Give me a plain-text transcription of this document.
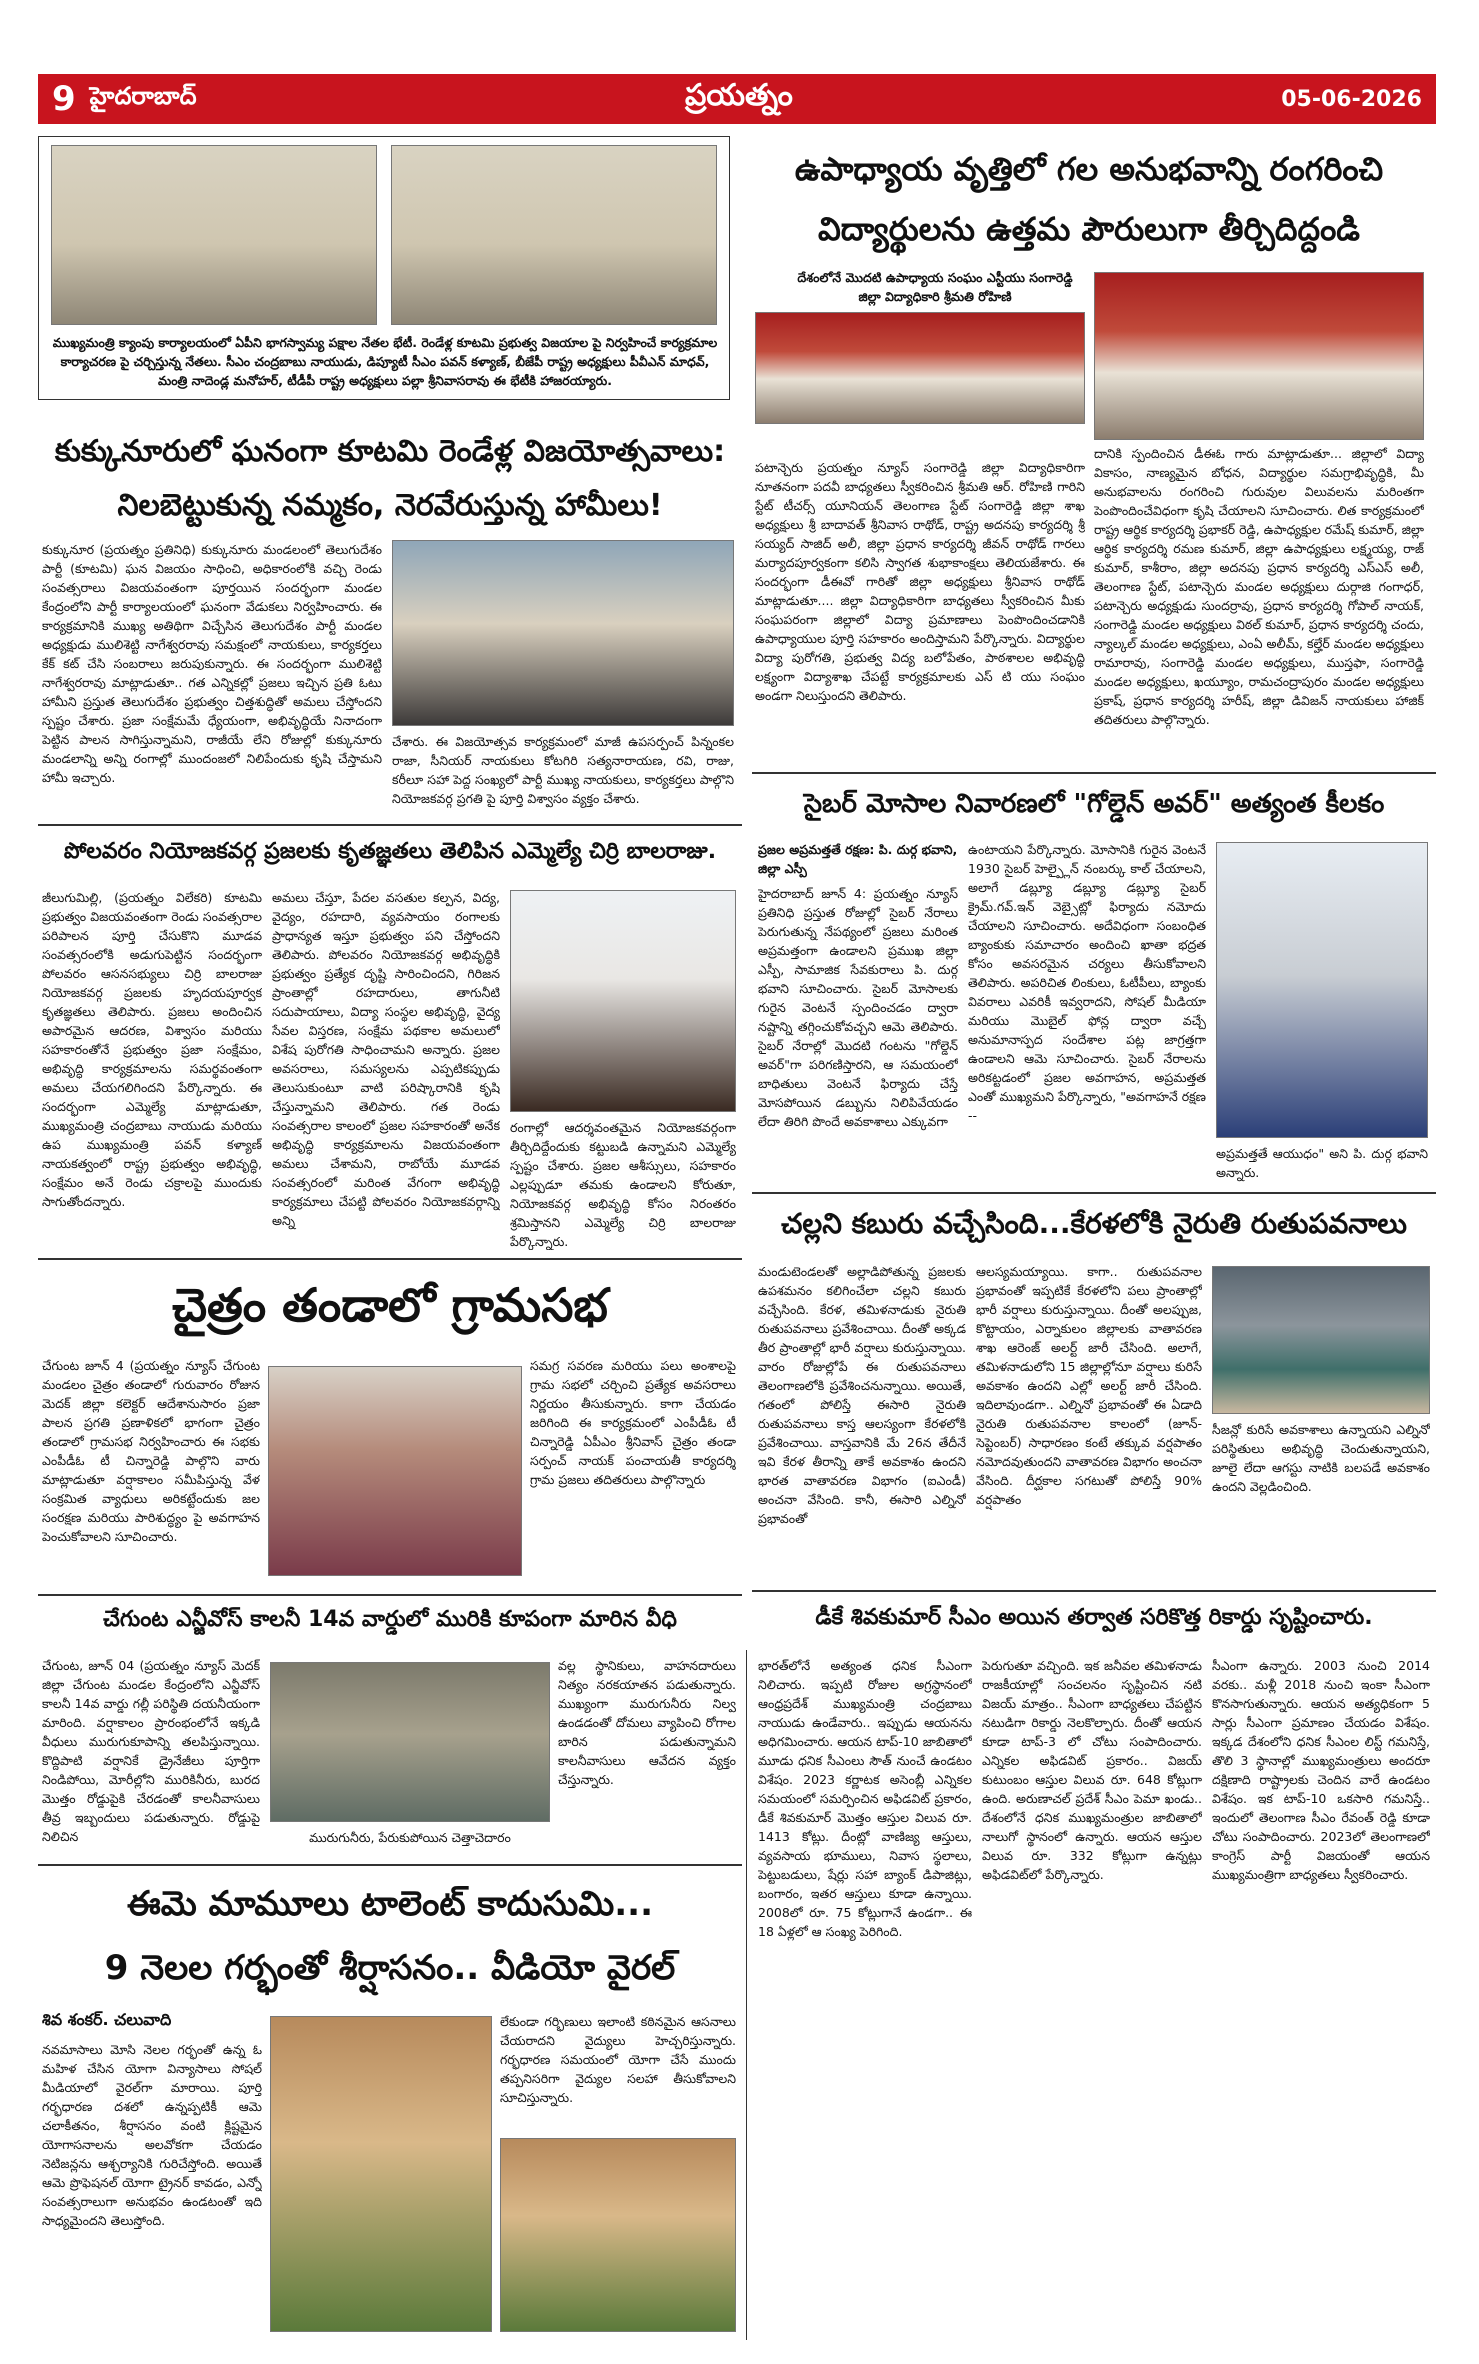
9 హైదరాబాద్	ప్రయత్నం	05-06-2026
ముఖ్యమంత్రి క్యాంపు కార్యాలయంలో ఏపీని భాగస్వామ్య పక్షాల నేతల భేటీ. రెండేళ్ల కూటమి ప్రభుత్వ విజయాల పై నిర్వహించే కార్యక్రమాల కార్యాచరణ పై చర్చిస్తున్న నేతలు. సీఎం చంద్రబాబు నాయుడు, డిప్యూటీ సీఎం పవన్ కళ్యాణ్, బీజేపీ రాష్ట్ర అధ్యక్షులు పీవీఎన్ మాధవ్, మంత్రి నాదెండ్ల మనోహర్, టీడీపీ రాష్ట్ర అధ్యక్షులు పల్లా శ్రీనివాసరావు ఈ భేటీకి హాజరయ్యారు.
ఉపాధ్యాయ వృత్తిలో గల అనుభవాన్ని రంగరించి
విద్యార్థులను ఉత్తమ పౌరులుగా తీర్చిదిద్దండి
దేశంలోనే మొదటి ఉపాధ్యాయ సంఘం ఎస్టీయు సంగారెడ్డి జిల్లా విద్యాధికారి శ్రీమతి రోహిణి
పటాన్చెరు ప్రయత్నం న్యూస్ సంగారెడ్డి జిల్లా విద్యాధికారిగా నూతనంగా పదవీ బాధ్యతలు స్వీకరించిన శ్రీమతి ఆర్. రోహిణి గారిని స్టేట్ టీచర్స్ యూనియన్ తెలంగాణ స్టేట్ సంగారెడ్డి జిల్లా శాఖ అధ్యక్షులు శ్రీ బాదావత్ శ్రీనివాస రాథోడ్, రాష్ట్ర అదనపు కార్యదర్శి శ్రీ సయ్యద్ సాజిద్ అలీ, జిల్లా ప్రధాన కార్యదర్శి జీవన్ రాథోడ్ గారలు మర్యాదపూర్వకంగా కలిసి స్వాగత శుభాకాంక్షలు తెలియజేశారు. ఈ సందర్భంగా డీఈవో గారితో జిల్లా అధ్యక్షులు శ్రీనివాస రాథోడ్ మాట్లాడుతూ.... జిల్లా విద్యాధికారిగా బాధ్యతలు స్వీకరించిన మీకు సంఘపరంగా జిల్లాలో విద్యా ప్రమాణాలు పెంపొందించడానికి ఉపాధ్యాయుల పూర్తి సహకారం అందిస్తామని పేర్కొన్నారు. విద్యార్థుల విద్యా పురోగతి, ప్రభుత్వ విద్య బలోపేతం, పాఠశాలల అభివృద్ధి లక్ష్యంగా విద్యాశాఖ చేపట్టే కార్యక్రమాలకు ఎస్ టి యు సంఘం అండగా నిలుస్తుందని తెలిపారు.
దానికి స్పందించిన డీఈఓ గారు మాట్లాడుతూ... జిల్లాలో విద్యా వికాసం, నాణ్యమైన బోధన, విద్యార్థుల సమగ్రాభివృద్ధికి, మీ అనుభవాలను రంగరించి గురువుల విలువలను మరింతగా పెంపొందించేవిధంగా కృషి చేయాలని సూచించారు. లిత కార్యక్రమంలో రాష్ట్ర ఆర్థిక కార్యదర్శి ప్రభాకర్ రెడ్డి, ఉపాధ్యక్షుల రమేష్ కుమార్, జిల్లా ఆర్థిక కార్యదర్శి రమణ కుమార్, జిల్లా ఉపాధ్యక్షులు లక్ష్మయ్య, రాజ్ కుమార్, కాశీరాం, జిల్లా అదనపు ప్రధాన కార్యదర్శి ఎస్ఎస్ అలీ, తెలంగాణ స్టేట్, పటాన్చెరు మండల అధ్యక్షులు దుర్గాజి గంగాధర్, పటాన్చెరు అధ్యక్షుడు సుందర్రావు, ప్రధాన కార్యదర్శి గోపాల్ నాయక్, సంగారెడ్డి మండల అధ్యక్షులు విఠల్ కుమార్, ప్రధాన కార్యదర్శి చందు, న్యాల్కల్ మండల అధ్యక్షులు, ఎంఏ అలీమ్, కల్హేర్ మండల అధ్యక్షులు రామారావు, సంగారెడ్డి మండల అధ్యక్షులు, ముస్తఫా, సంగారెడ్డి మండల అధ్యక్షులు, ఖయ్యూం, రామచంద్రాపురం మండల అధ్యక్షులు ప్రకాష్, ప్రధాన కార్యదర్శి హరీష్, జిల్లా డివిజన్ నాయకులు హాజిక్ తదితరులు పాల్గొన్నారు.
కుక్కునూరులో ఘనంగా కూటమి రెండేళ్ల విజయోత్సవాలు:
నిలబెట్టుకున్న నమ్మకం, నెరవేరుస్తున్న హామీలు!
కుక్కునూర (ప్రయత్నం ప్రతినిధి) కుక్కునూరు మండలంలో తెలుగుదేశం పార్టీ (కూటమి) ఘన విజయం సాధించి, అధికారంలోకి వచ్చి రెండు సంవత్సరాలు విజయవంతంగా పూర్తయిన సందర్భంగా మండల కేంద్రంలోని పార్టీ కార్యాలయంలో ఘనంగా వేడుకలు నిర్వహించారు. ఈ కార్యక్రమానికి ముఖ్య అతిథిగా విచ్చేసిన తెలుగుదేశం పార్టీ మండల అధ్యక్షుడు ములిశెట్టి నాగేశ్వరరావు సమక్షంలో నాయకులు, కార్యకర్తలు కేక్ కట్ చేసి సంబరాలు జరుపుకున్నారు. ఈ సందర్భంగా ములిశెట్టి నాగేశ్వరరావు మాట్లాడుతూ.. గత ఎన్నికల్లో ప్రజలు ఇచ్చిన ప్రతి ఓటు హామీని ప్రస్తుత తెలుగుదేశం ప్రభుత్వం చిత్తశుద్ధితో అమలు చేస్తోందని స్పష్టం చేశారు. ప్రజా సంక్షేమమే ధ్యేయంగా, అభివృద్ధియే నినాదంగా పెట్టిన పాలన సాగిస్తున్నామని, రాజీయే లేని రోజుల్లో కుక్కునూరు మండలాన్ని అన్ని రంగాల్లో ముందంజలో నిలిపేందుకు కృషి చేస్తామని హామీ ఇచ్చారు.
చేశారు. ఈ విజయోత్సవ కార్యక్రమంలో మాజీ ఉపసర్పంచ్ పిన్నంకల రాజా, సీనియర్ నాయకులు కోటగిరి సత్యనారాయణ, రవి, రాజు, కరీలూ సహా పెద్ద సంఖ్యలో పార్టీ ముఖ్య నాయకులు, కార్యకర్తలు పాల్గొని నియోజకవర్గ ప్రగతి పై పూర్తి విశ్వాసం వ్యక్తం చేశారు.
పోలవరం నియోజకవర్గ ప్రజలకు కృతజ్ఞతలు తెలిపిన ఎమ్మెల్యే చిర్రి బాలరాజు.
జీలుగుమిల్లి, (ప్రయత్నం విలేకరి) కూటమి ప్రభుత్వం విజయవంతంగా రెండు సంవత్సరాల పరిపాలన పూర్తి చేసుకొని మూడవ సంవత్సరంలోకి అడుగుపెట్టిన సందర్భంగా పోలవరం ఆసనసభ్యులు చిర్రి బాలరాజు నియోజకవర్గ ప్రజలకు హృదయపూర్వక కృతజ్ఞతలు తెలిపారు. ప్రజలు అందించిన అపారమైన ఆదరణ, విశ్వాసం మరియు సహకారంతోనే ప్రభుత్వం ప్రజా సంక్షేమం, అభివృద్ధి కార్యక్రమాలను సమర్థవంతంగా అమలు చేయగలిగిందని పేర్కొన్నారు. ఈ సందర్భంగా ఎమ్మెల్యే మాట్లాడుతూ, ముఖ్యమంత్రి చంద్రబాబు నాయుడు మరియు ఉప ముఖ్యమంత్రి పవన్ కళ్యాణ్ నాయకత్వంలో రాష్ట్ర ప్రభుత్వం అభివృద్ధి, సంక్షేమం అనే రెండు చక్రాలపై ముందుకు సాగుతోందన్నారు.
అమలు చేస్తూ, పేదల వసతుల కల్పన, విద్య, వైద్యం, రహదారి, వ్యవసాయం రంగాలకు ప్రాధాన్యత ఇస్తూ ప్రభుత్వం పని చేస్తోందని తెలిపారు. పోలవరం నియోజకవర్గ అభివృద్ధికి ప్రభుత్వం ప్రత్యేక దృష్టి సారించిందని, గిరిజన ప్రాంతాల్లో రహదారులు, తాగునీటి సదుపాయాలు, విద్యా సంస్థల అభివృద్ధి, వైద్య సేవల విస్తరణ, సంక్షేమ పథకాల అమలులో విశేష పురోగతి సాధించామని అన్నారు. ప్రజల అవసరాలు, సమస్యలను ఎప్పటికప్పుడు తెలుసుకుంటూ వాటి పరిష్కారానికి కృషి చేస్తున్నామని తెలిపారు. గత రెండు సంవత్సరాల కాలంలో ప్రజల సహకారంతో అనేక అభివృద్ధి కార్యక్రమాలను విజయవంతంగా అమలు చేశామని, రాబోయే మూడవ సంవత్సరంలో మరింత వేగంగా అభివృద్ధి కార్యక్రమాలు చేపట్టి పోలవరం నియోజకవర్గాన్ని అన్ని
రంగాల్లో ఆదర్శవంతమైన నియోజకవర్గంగా తీర్చిదిద్దేందుకు కట్టుబడి ఉన్నామని ఎమ్మెల్యే స్పష్టం చేశారు. ప్రజల ఆశీస్సులు, సహకారం ఎల్లప్పుడూ తమకు ఉండాలని కోరుతూ, నియోజకవర్గ అభివృద్ధి కోసం నిరంతరం శ్రమిస్తానని ఎమ్మెల్యే చిర్రి బాలరాజు పేర్కొన్నారు.
సైబర్ మోసాల నివారణలో "గోల్డెన్ అవర్" అత్యంత కీలకం
ప్రజల అప్రమత్తతే రక్షణ: పి. దుర్గ భవాని, జిల్లా ఎస్పీ
హైదరాబాద్ జూన్ 4: ప్రయత్నం న్యూస్ ప్రతినిధి ప్రస్తుత రోజుల్లో సైబర్ నేరాలు పెరుగుతున్న నేపథ్యంలో ప్రజలు మరింత అప్రమత్తంగా ఉండాలని ప్రముఖ జిల్లా ఎస్పీ, సామాజిక సేవకురాలు పి. దుర్గ భవాని సూచించారు. సైబర్ మోసాలకు గురైన వెంటనే స్పందించడం ద్వారా నష్టాన్ని తగ్గించుకోవచ్చని ఆమె తెలిపారు. సైబర్ నేరాల్లో మొదటి గంటను "గోల్డెన్ అవర్"గా పరిగణిస్తారని, ఆ సమయంలో బాధితులు వెంటనే ఫిర్యాదు చేస్తే మోసపోయిన డబ్బును నిలిపివేయడం లేదా తిరిగి పొందే అవకాశాలు ఎక్కువగా
ఉంటాయని పేర్కొన్నారు. మోసానికి గురైన వెంటనే 1930 సైబర్ హెల్ప్లైన్ నంబర్కు కాల్ చేయాలని, అలాగే డబ్ల్యూ డబ్ల్యూ డబ్ల్యూ సైబర్ క్రైమ్.గవ్.ఇన్ వెబ్సైట్లో ఫిర్యాదు నమోదు చేయాలని సూచించారు. అదేవిధంగా సంబంధిత బ్యాంకుకు సమాచారం అందించి ఖాతా భద్రత కోసం అవసరమైన చర్యలు తీసుకోవాలని తెలిపారు. అపరిచిత లింకులు, ఓటీపీలు, బ్యాంకు వివరాలు ఎవరికీ ఇవ్వరాదని, సోషల్ మీడియా మరియు మొబైల్ ఫోన్ల ద్వారా వచ్చే అనుమానాస్పద సందేశాల పట్ల జాగ్రత్తగా ఉండాలని ఆమె సూచించారు. సైబర్ నేరాలను అరికట్టడంలో ప్రజల అవగాహన, అప్రమత్తత ఎంతో ముఖ్యమని పేర్కొన్నారు, "అవగాహనే రక్షణ --
అప్రమత్తతే ఆయుధం" అని పి. దుర్గ భవాని అన్నారు.
చైత్రం తండాలో గ్రామసభ
చేగుంట జూన్ 4 (ప్రయత్నం న్యూస్ చేగుంట మండలం చైత్రం తండాలో గురువారం రోజున మెదక్ జిల్లా కలెక్టర్ ఆదేశానుసారం ప్రజా పాలన ప్రగతి ప్రణాళికలో భాగంగా చైత్రం తండాలో గ్రామసభ నిర్వహించారు ఈ సభకు ఎంపీడీఓ టీ చిన్నారెడ్డి పాల్గొని వారు మాట్లాడుతూ వర్షాకాలం సమీపిస్తున్న వేళ సంక్రమిత వ్యాధులు అరికట్టేందుకు జల సంరక్షణ మరియు పారిశుద్ధ్యం పై అవగాహన పెంచుకోవాలని సూచించారు.
సమగ్ర సవరణ మరియు పలు అంశాలపై గ్రామ సభలో చర్చించి ప్రత్యేక అవసరాలు నిర్ణయం తీసుకున్నారు. కాగా చేయడం జరిగింది ఈ కార్యక్రమంలో ఎంపీడీఓ టీ చిన్నారెడ్డి ఏపీఎం శ్రీనివాస్ చైత్రం తండా సర్పంచ్ నాయక్ పంచాయతీ కార్యదర్శి గ్రామ ప్రజలు తదితరులు పాల్గొన్నారు
చల్లని కబురు వచ్చేసింది...కేరళలోకి నైరుతి రుతుపవనాలు
మండుటెండలతో అల్లాడిపోతున్న ప్రజలకు ఉపశమనం కలిగించేలా చల్లని కబురు వచ్చేసింది. కేరళ, తమిళనాడుకు నైరుతి రుతుపవనాలు ప్రవేశించాయి. దీంతో అక్కడ తీర ప్రాంతాల్లో భారీ వర్షాలు కురుస్తున్నాయి. వారం రోజుల్లోపే ఈ రుతుపవనాలు తెలంగాణలోకి ప్రవేశించనున్నాయి. అయితే, గతంలో పోలిస్తే ఈసారి నైరుతి రుతుపవనాలు కాస్త ఆలస్యంగా కేరళలోకి ప్రవేశించాయి. వాస్తవానికి మే 26న తేదీనే ఇవి కేరళ తీరాన్ని తాకే అవకాశం ఉందని భారత వాతావరణ విభాగం (ఐఎండీ) అంచనా వేసింది. కానీ, ఈసారి ఎల్నినో ప్రభావంతో
ఆలస్యమయ్యాయి. కాగా.. రుతుపవనాల ప్రభావంతో ఇప్పటికే కేరళలోని పలు ప్రాంతాల్లో భారీ వర్షాలు కురుస్తున్నాయి. దీంతో అలప్పుజ, కొట్టాయం, ఎర్నాకులం జిల్లాలకు వాతావరణ శాఖ ఆరెంజ్ అలర్ట్ జారీ చేసింది. అలాగే, తమిళనాడులోని 15 జిల్లాల్లోనూ వర్షాలు కురిసే అవకాశం ఉందని ఎల్లో అలర్ట్ జారీ చేసింది. ఇదిలావుండగా.. ఎల్నినో ప్రభావంతో ఈ ఏడాది నైరుతి రుతుపవనాల కాలంలో (జూన్-సెప్టెంబర్) సాధారణం కంటే తక్కువ వర్షపాతం నమోదవుతుందని వాతావరణ విభాగం అంచనా వేసింది. దీర్ఘకాల సగటుతో పోలిస్తే 90% వర్షపాతం
సీజన్లో కురిసే అవకాశాలు ఉన్నాయని ఎల్నినో పరిస్థితులు అభివృద్ధి చెందుతున్నాయని, జూలై లేదా ఆగస్టు నాటికి బలపడే అవకాశం ఉందని వెల్లడించింది.
చేగుంట ఎన్జీవోస్ కాలనీ 14వ వార్డులో మురికి కూపంగా మారిన వీధి
చేగుంట, జూన్ 04 (ప్రయత్నం న్యూస్ మెదక్ జిల్లా చేగుంట మండల కేంద్రంలోని ఎన్జీవోస్ కాలనీ 14వ వార్డు గల్లీ పరిస్థితి దయనీయంగా మారింది. వర్షాకాలం ప్రారంభంలోనే ఇక్కడి వీధులు మురుగుకూపాన్ని తలపిస్తున్నాయి. కొద్దిపాటి వర్షానికే డ్రైనేజీలు పూర్తిగా నిండిపోయి, మోరీల్లోని మురికినీరు, బురద మొత్తం రోడ్డుపైకి చేరడంతో కాలనీవాసులు తీవ్ర ఇబ్బందులు పడుతున్నారు. రోడ్డుపై నిలిచిన	మురుగునీరు, పేరుకుపోయిన చెత్తాచెదారం
వల్ల స్థానికులు, వాహనదారులు నిత్యం నరకయాతన పడుతున్నారు. ముఖ్యంగా మురుగునీరు నిల్వ ఉండడంతో దోమలు వ్యాపించి రోగాల బారిన పడుతున్నామని కాలనీవాసులు ఆవేదన వ్యక్తం చేస్తున్నారు.
డీకే శివకుమార్ సీఎం అయిన తర్వాత సరికొత్త రికార్డు సృష్టించారు.
భారత్‌లోనే అత్యంత ధనిక సీఎంగా నిలిచారు. ఇప్పటి రోజుల అగ్రస్థానంలో ఆంధ్రప్రదేశ్ ముఖ్యమంత్రి చంద్రబాబు నాయుడు ఉండేవారు.. ఇప్పుడు ఆయనను అధిగమించారు. ఆయన టాప్-10 జాబితాలో మూడు ధనిక సీఎంలు సౌత్ నుంచే ఉండటం విశేషం. 2023 కర్ణాటక అసెంబ్లీ ఎన్నికల సమయంలో సమర్పించిన అఫిడవిట్ ప్రకారం, డీకే శివకుమార్ మొత్తం ఆస్తుల విలువ రూ. 1413 కోట్లు. దీంట్లో వాణిజ్య ఆస్తులు, వ్యవసాయ భూములు, నివాస స్థలాలు, పెట్టుబడులు, షేర్లు సహా బ్యాంక్ డిపాజిట్లు, బంగారం, ఇతర ఆస్తులు కూడా ఉన్నాయి. 2008లో రూ. 75 కోట్లుగానే ఉండగా.. ఈ 18 ఏళ్లలో ఆ సంఖ్య పెరిగింది.
పెరుగుతూ వచ్చింది. ఇక జనీవల తమిళనాడు రాజకీయాల్లో సంచలనం సృష్టించిన నటి విజయ్ మాత్రం.. సీఎంగా బాధ్యతలు చేపట్టిన నటుడిగా రికార్డు నెలకొల్పారు. దీంతో ఆయన కూడా టాప్-3 లో చోటు సంపాదించారు. ఎన్నికల అఫిడవిట్ ప్రకారం.. విజయ్ కుటుంబం ఆస్తుల విలువ రూ. 648 కోట్లుగా ఉంది. అరుణాచల్ ప్రదేశ్ సీఎం పెమా ఖండు.. దేశంలోనే ధనిక ముఖ్యమంత్రుల జాబితాలో నాలుగో స్థానంలో ఉన్నారు. ఆయన ఆస్తుల విలువ రూ. 332 కోట్లుగా ఉన్నట్లు అఫిడవిట్‌లో పేర్కొన్నారు.
సీఎంగా ఉన్నారు. 2003 నుంచి 2014 వరకు.. మళ్లీ 2018 నుంచి ఇంకా సీఎంగా కొనసాగుతున్నారు. ఆయన అత్యధికంగా 5 సార్లు సీఎంగా ప్రమాణం చేయడం విశేషం. ఇక్కడ దేశంలోని ధనిక సీఎంల లిస్ట్ గమనిస్తే, తొలి 3 స్థానాల్లో ముఖ్యమంత్రులు అందరూ దక్షిణాది రాష్ట్రాలకు చెందిన వారే ఉండటం విశేషం. ఇక టాప్-10 ఒకసారి గమనిస్తే.. ఇందులో తెలంగాణ సీఎం రేవంత్ రెడ్డి కూడా చోటు సంపాదించారు. 2023లో తెలంగాణలో కాంగ్రెస్ పార్టీ విజయంతో ఆయన ముఖ్యమంత్రిగా బాధ్యతలు స్వీకరించారు.
ఈమె మామూలు టాలెంట్ కాదుసుమి...
9 నెలల గర్భంతో శీర్షాసనం.. వీడియో వైరల్
శివ శంకర్. చలువాది
నవమాసాలు మోసి నెలల గర్భంతో ఉన్న ఓ మహిళ చేసిన యోగా విన్యాసాలు సోషల్ మీడియాలో వైరల్‌గా మారాయి. పూర్తి గర్భధారణ దశలో ఉన్నప్పటికీ ఆమె చలాకీతనం, శీర్షాసనం వంటి క్లిష్టమైన యోగాసనాలను అలవోకగా చేయడం నెటిజన్లను ఆశ్చర్యానికి గురిచేస్తోంది. అయితే ఆమె ప్రొఫెషనల్ యోగా ట్రైనర్ కావడం, ఎన్నో సంవత్సరాలుగా అనుభవం ఉండటంతో ఇది సాధ్యమైందని తెలుస్తోంది.
లేకుండా గర్భిణులు ఇలాంటి కఠినమైన ఆసనాలు చేయరాదని వైద్యులు హెచ్చరిస్తున్నారు. గర్భధారణ సమయంలో యోగా చేసే ముందు తప్పనిసరిగా వైద్యుల సలహా తీసుకోవాలని సూచిస్తున్నారు.
